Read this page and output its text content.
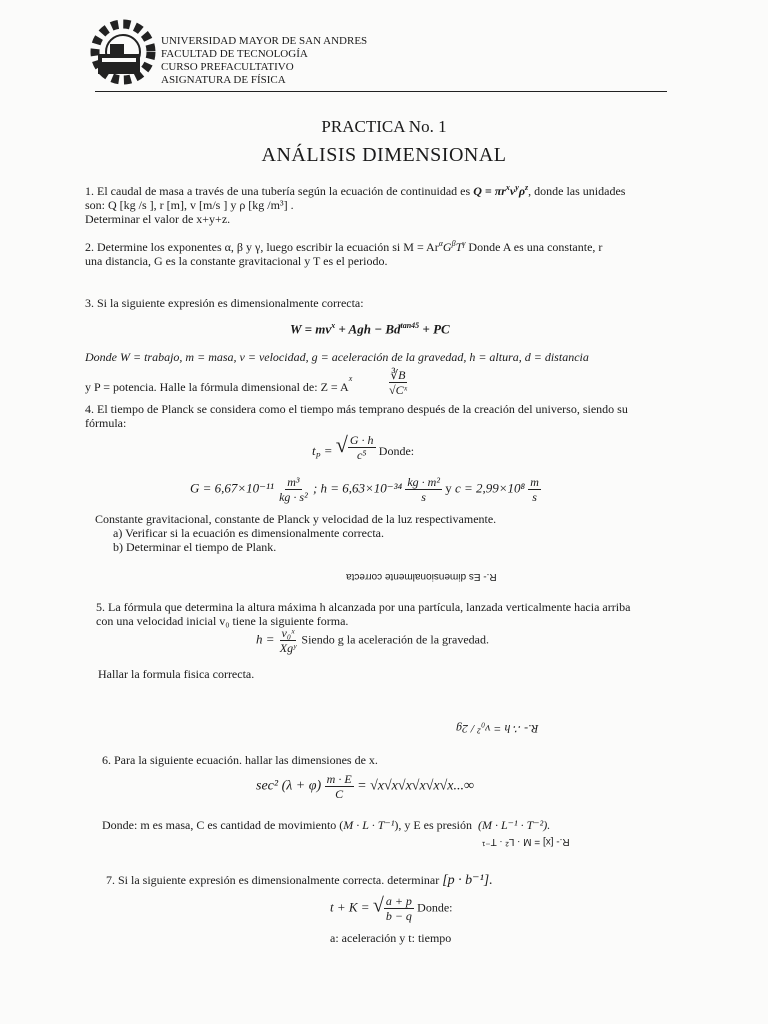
UNIVERSIDAD MAYOR DE SAN ANDRES
FACULTAD DE TECNOLOGÍA
CURSO PREFACULTATIVO
ASIGNATURA DE FÍSICA
PRACTICA No. 1
ANÁLISIS DIMENSIONAL
1. El caudal de masa a través de una tubería según la ecuación de continuidad es $Q = \pi r^xv^y\rho^z$, donde las unidades
son: Q [kg /s ], r [m], v [m/s ] y ρ [kg /m³] .
Determinar el valor de x+y+z.
2. Determine los exponentes α, β y γ, luego escribir la ecuación si $M = Ar^\alpha G^\beta T^\gamma$ Donde A es una constante, r
una distancia, G es la constante gravitacional y T es el periodo.
3. Si la siguiente expresión es dimensionalmente correcta:
$W = mv^x$ + Agh − $Bd^{tan45}$ + PC
Donde W = trabajo, m = masa, v = velocidad, g = aceleración de la gravedad, h = altura, d = distancia
y P = potencia. Halle la fórmula dimensional de: $Z = A^x$	$\frac{∛B}{\text{√Cˣ}}$
4. El tiempo de Planck se considera como el tiempo más temprano después de la creación del universo, siendo su
fórmula:
$t_P$ = √ $\frac{G \cdot h}{\text{c⁵}}$ Donde:
$G = 6,67\times 10^{-11} \frac{\text{m³}}{\text{kg · s²}}$ ; $h = 6,63\times 10^{-34} \frac{\text{kg · m²}}{s}$ y $c = 2,99\times 10^8 \frac{m}{s}$
Constante gravitacional, constante de Planck y velocidad de la luz respectivamente.
a) Verificar si la ecuación es dimensionalmente correcta.
b) Determinar el tiempo de Plank.
R.- Es dimensionalmente correcta
5. La fórmula que determina la altura máxima h alcanzada por una partícula, lanzada verticalmente hacia arriba
con una velocidad inicial v₀ tiene la siguiente forma.
$h = \frac{\text{v₀ˣ}}{\text{Xgʸ}}$ Siendo g la aceleración de la gravedad.
Hallar la formula fisica correcta.
R.- ∴ h = v₀² / 2g
6. Para la siguiente ecuación. hallar las dimensiones de x.
sec² $(\lambda + \varphi) \frac{m \cdot E}{C} = √x√x√x√x√x√x...\infty$
Donde: m es masa, C es cantidad de movimiento (M · L · T⁻¹), y E es presión (M · L⁻¹ · T⁻²).
R.- [x] = M · L² · T⁻¹
7. Si la siguiente expresión es dimensionalmente correcta. determinar [p · b⁻¹].
t + K = √ $\frac{a + p}{b - q}$ Donde:
a: aceleración y t: tiempo
